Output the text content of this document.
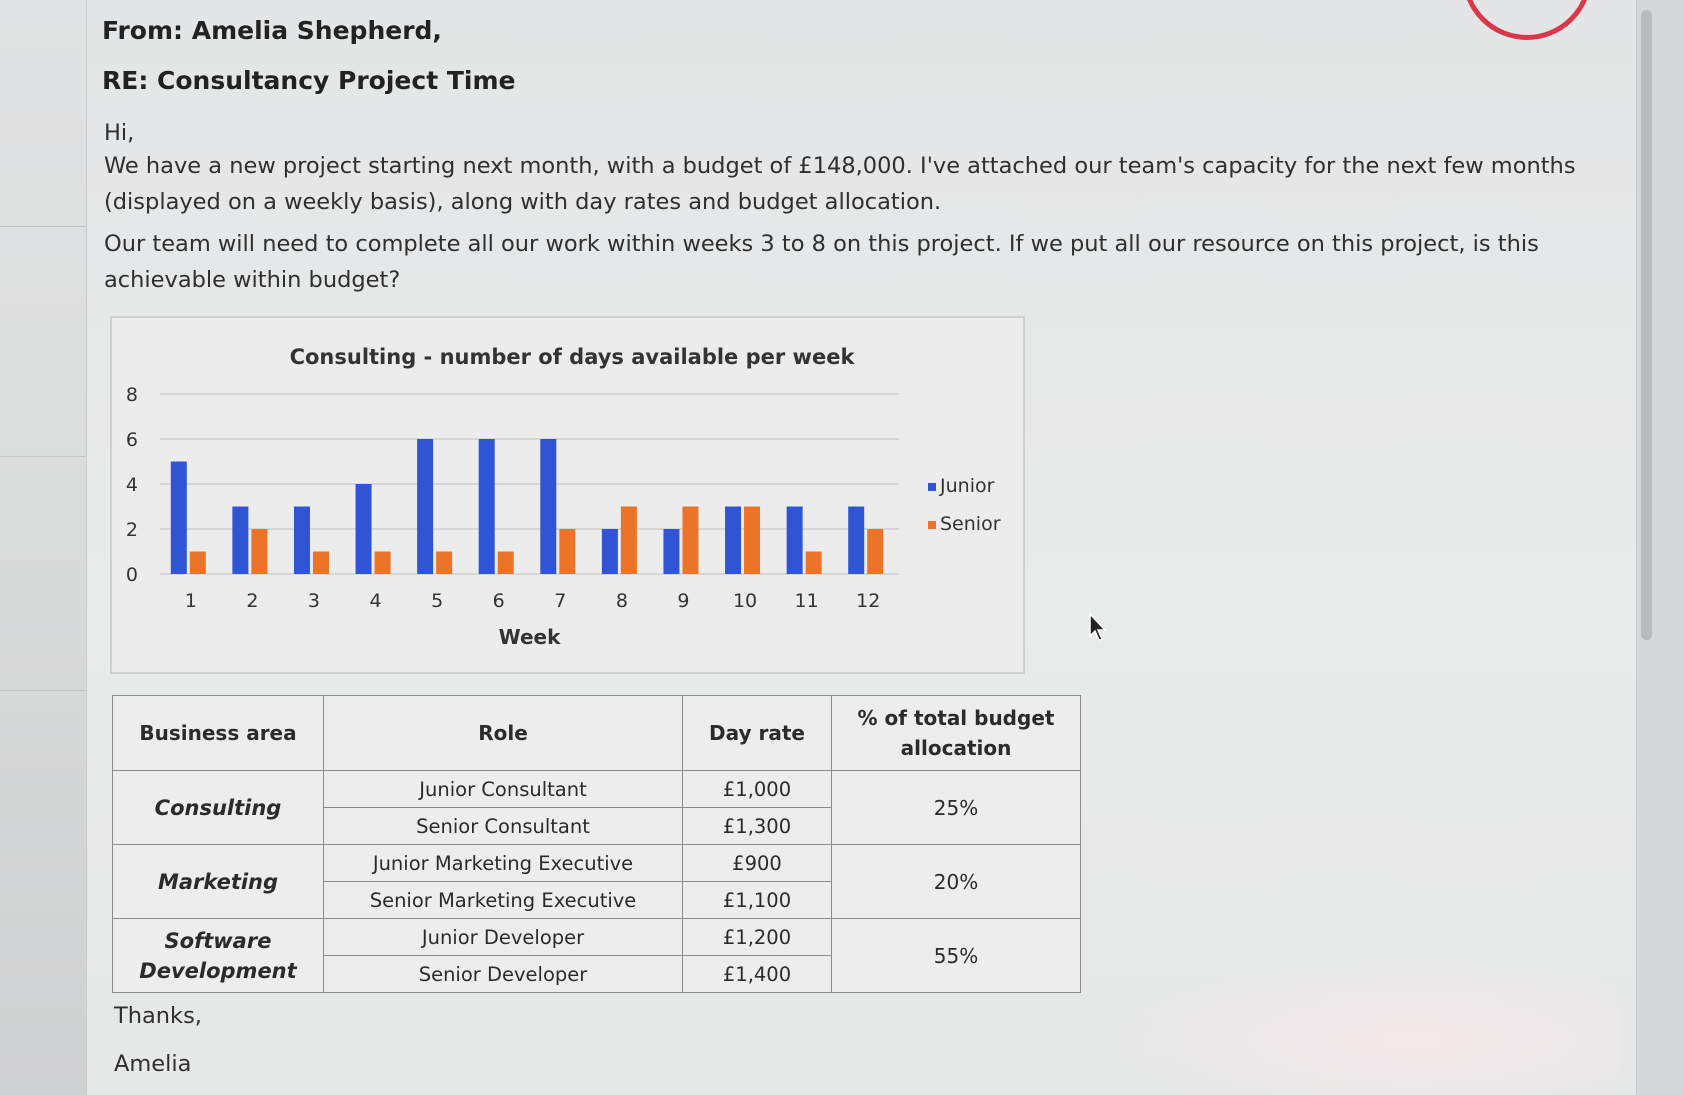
From: Amelia Shepherd,
RE: Consultancy Project Time
Hi,
We have a new project starting next month, with a budget of £148,000. I've attached our team's capacity for the next few months (displayed on a weekly basis), along with day rates and budget allocation.
Our team will need to complete all our work within weeks 3 to 8 on this project. If we put all our resource on this project, is this achievable within budget?
Consulting - number of days available per week
0
2
4
6
8
1	2	3	4	5	6	7	8	9 10 11 12
Week
Junior
Senior
Business area	Role	Day rate	% of total budget allocation
Consulting	Junior Consultant	£1,000	25%
	Senior Consultant	£1,300	
Marketing	Junior Marketing Executive	£900	20%
	Senior Marketing Executive	£1,100	
Software Development	Junior Developer	£1,200	55%
	Senior Developer	£1,400	
Thanks,
Amelia
